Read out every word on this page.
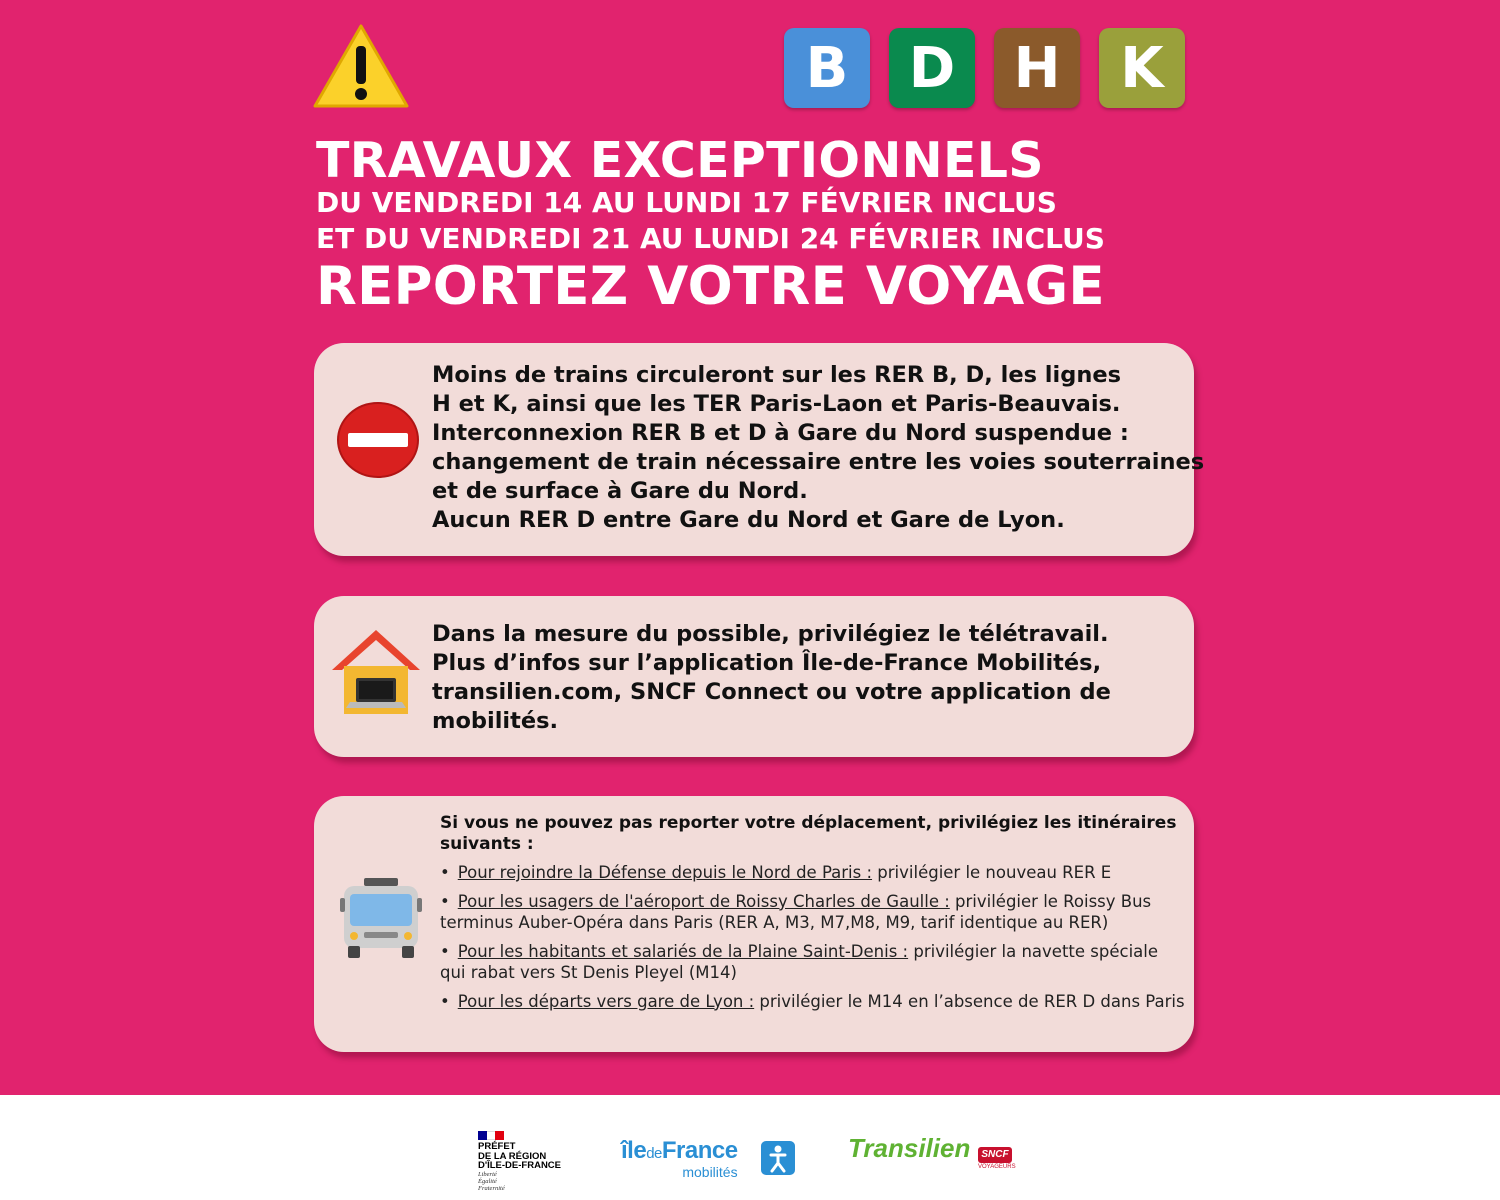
B	D	H	K
TRAVAUX EXCEPTIONNELS
DU VENDREDI 14 AU LUNDI 17 FÉVRIER INCLUS
ET DU VENDREDI 21 AU LUNDI 24 FÉVRIER INCLUS
REPORTEZ VOTRE VOYAGE
Moins de trains circuleront sur les RER B, D, les lignes
H et K, ainsi que les TER Paris-Laon et Paris-Beauvais.
Interconnexion RER B et D à Gare du Nord suspendue :
changement de train nécessaire entre les voies souterraines
et de surface à Gare du Nord.
Aucun RER D entre Gare du Nord et Gare de Lyon.
Dans la mesure du possible, privilégiez le télétravail.
Plus d’infos sur l’application Île-de-France Mobilités,
transilien.com, SNCF Connect ou votre application de
mobilités.
Si vous ne pouvez pas reporter votre déplacement, privilégiez les itinéraires suivants :
• Pour rejoindre la Défense depuis le Nord de Paris : privilégier le nouveau RER E
• Pour les usagers de l'aéroport de Roissy Charles de Gaulle : privilégier le Roissy Bus terminus Auber-Opéra dans Paris (RER A, M3, M7,M8, M9, tarif identique au RER)
• Pour les habitants et salariés de la Plaine Saint-Denis : privilégier la navette spéciale qui rabat vers St Denis Pleyel (M14)
• Pour les départs vers gare de Lyon : privilégier le M14 en l’absence de RER D dans Paris
PRÉFET
DE LA RÉGION
D'ÎLE-DE-FRANCE
Liberté
Égalité
Fraternité
îledeFrance
mobilités
Transilien	SNCF
VOYAGEURS
